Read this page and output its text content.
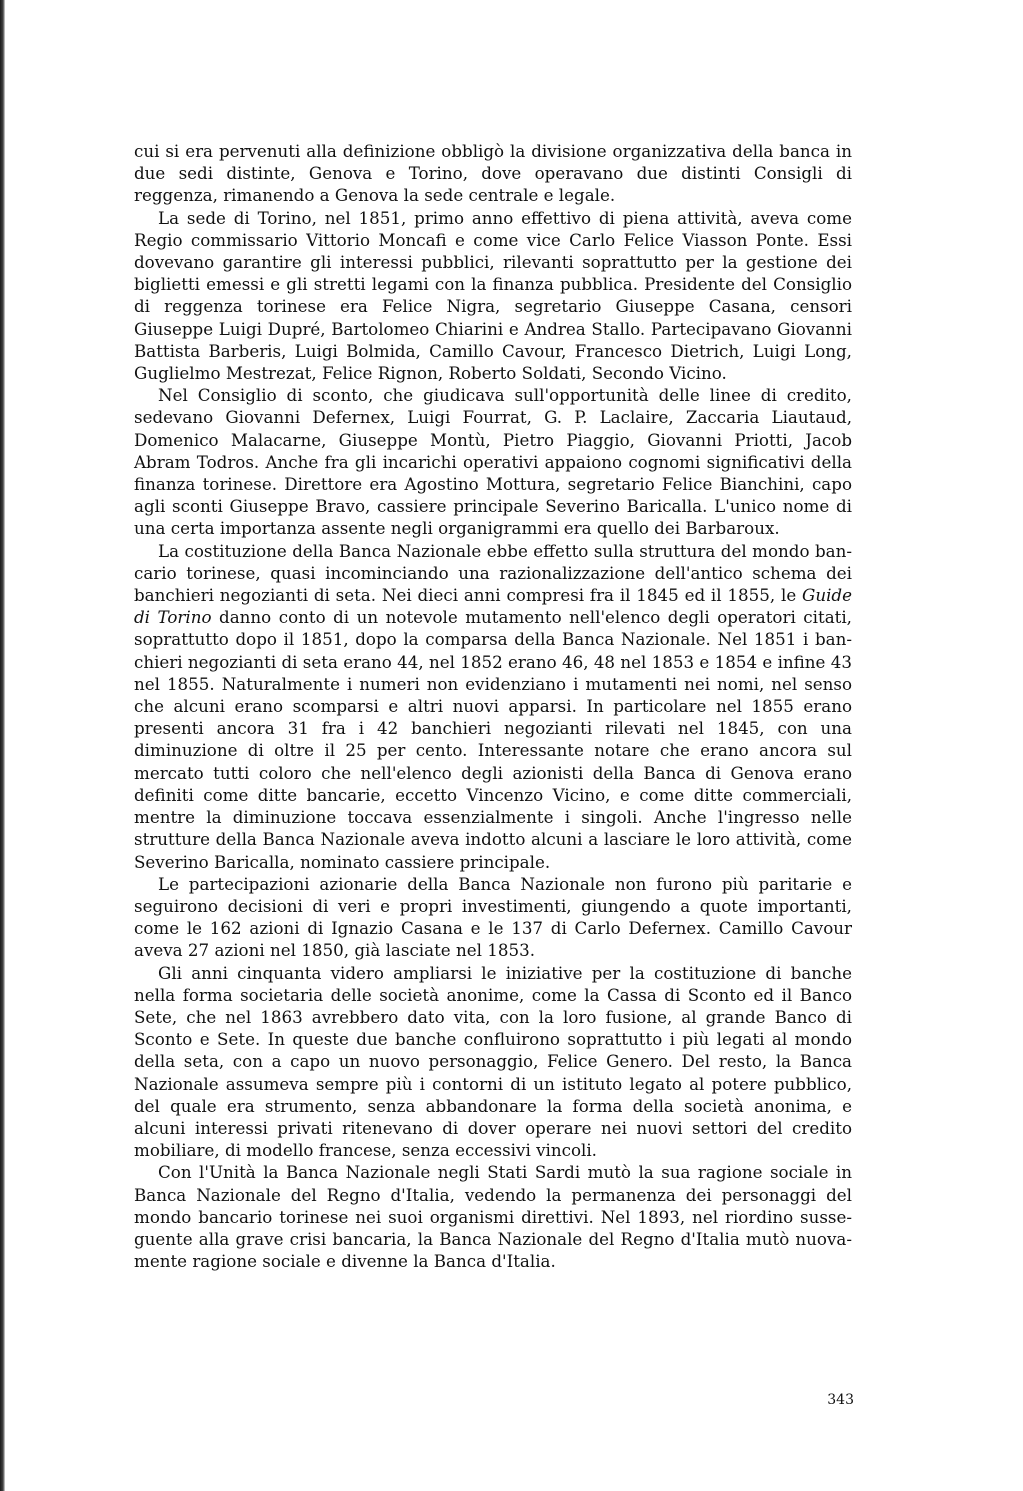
cui si era pervenuti alla definizione obbligò la divisione organizzativa della banca in due sedi distinte, Genova e Torino, dove operavano due distinti Consigli di reggenza, rimanendo a Genova la sede centrale e legale.

La sede di Torino, nel 1851, primo anno effettivo di piena attività, aveva come Regio commissario Vittorio Moncafi e come vice Carlo Felice Viasson Ponte. Essi dovevano garantire gli interessi pubblici, rilevanti soprattutto per la gestione dei biglietti emessi e gli stretti legami con la finanza pubblica. Presidente del Consiglio di reggenza torinese era Felice Nigra, segretario Giuseppe Casana, censori Giuseppe Luigi Dupré, Bartolomeo Chiarini e Andrea Stallo. Partecipavano Giovanni Battista Barberis, Luigi Bolmida, Camillo Cavour, Francesco Dietrich, Luigi Long, Guglielmo Mestrezat, Felice Rignon, Roberto Soldati, Secondo Vicino.

Nel Consiglio di sconto, che giudicava sull'opportunità delle linee di credito, sedevano Giovanni Defernex, Luigi Fourrat, G. P. Laclaire, Zaccaria Liautaud, Domenico Malacarne, Giuseppe Montù, Pietro Piaggio, Giovanni Priotti, Jacob Abram Todros. Anche fra gli incarichi operativi appaiono cognomi significativi della finanza torinese. Direttore era Agostino Mottura, segretario Felice Bianchini, capo agli sconti Giuseppe Bravo, cassiere principale Severino Baricalla. L'unico nome di una certa importanza assente negli organigrammi era quello dei Barbaroux.

La costituzione della Banca Nazionale ebbe effetto sulla struttura del mondo bancario torinese, quasi incominciando una razionalizzazione dell'antico schema dei banchieri negozianti di seta. Nei dieci anni compresi fra il 1845 ed il 1855, le Guide di Torino danno conto di un notevole mutamento nell'elenco degli operatori citati, soprattutto dopo il 1851, dopo la comparsa della Banca Nazionale. Nel 1851 i banchieri negozianti di seta erano 44, nel 1852 erano 46, 48 nel 1853 e 1854 e infine 43 nel 1855. Naturalmente i numeri non evidenziano i mutamenti nei nomi, nel senso che alcuni erano scomparsi e altri nuovi apparsi. In particolare nel 1855 erano presenti ancora 31 fra i 42 banchieri negozianti rilevati nel 1845, con una diminuzione di oltre il 25 per cento. Interessante notare che erano ancora sul mercato tutti coloro che nell'elenco degli azionisti della Banca di Genova erano definiti come ditte bancarie, eccetto Vincenzo Vicino, e come ditte commerciali, mentre la diminuzione toccava essenzialmente i singoli. Anche l'ingresso nelle strutture della Banca Nazionale aveva indotto alcuni a lasciare le loro attività, come Severino Baricalla, nominato cassiere principale.

Le partecipazioni azionarie della Banca Nazionale non furono più paritarie e seguirono decisioni di veri e propri investimenti, giungendo a quote importanti, come le 162 azioni di Ignazio Casana e le 137 di Carlo Defernex. Camillo Cavour aveva 27 azioni nel 1850, già lasciate nel 1853.

Gli anni cinquanta videro ampliarsi le iniziative per la costituzione di banche nella forma societaria delle società anonime, come la Cassa di Sconto ed il Banco Sete, che nel 1863 avrebbero dato vita, con la loro fusione, al grande Banco di Sconto e Sete. In queste due banche confluirono soprattutto i più legati al mondo della seta, con a capo un nuovo personaggio, Felice Genero. Del resto, la Banca Nazionale assumeva sempre più i contorni di un istituto legato al potere pubblico, del quale era strumento, senza abbandonare la forma della società anonima, e alcuni interessi privati ritenevano di dover operare nei nuovi settori del credito mobiliare, di modello francese, senza eccessivi vincoli.

Con l'Unità la Banca Nazionale negli Stati Sardi mutò la sua ragione sociale in Banca Nazionale del Regno d'Italia, vedendo la permanenza dei personaggi del mondo bancario torinese nei suoi organismi direttivi. Nel 1893, nel riordino susseguente alla grave crisi bancaria, la Banca Nazionale del Regno d'Italia mutò nuovamente ragione sociale e divenne la Banca d'Italia.

343
